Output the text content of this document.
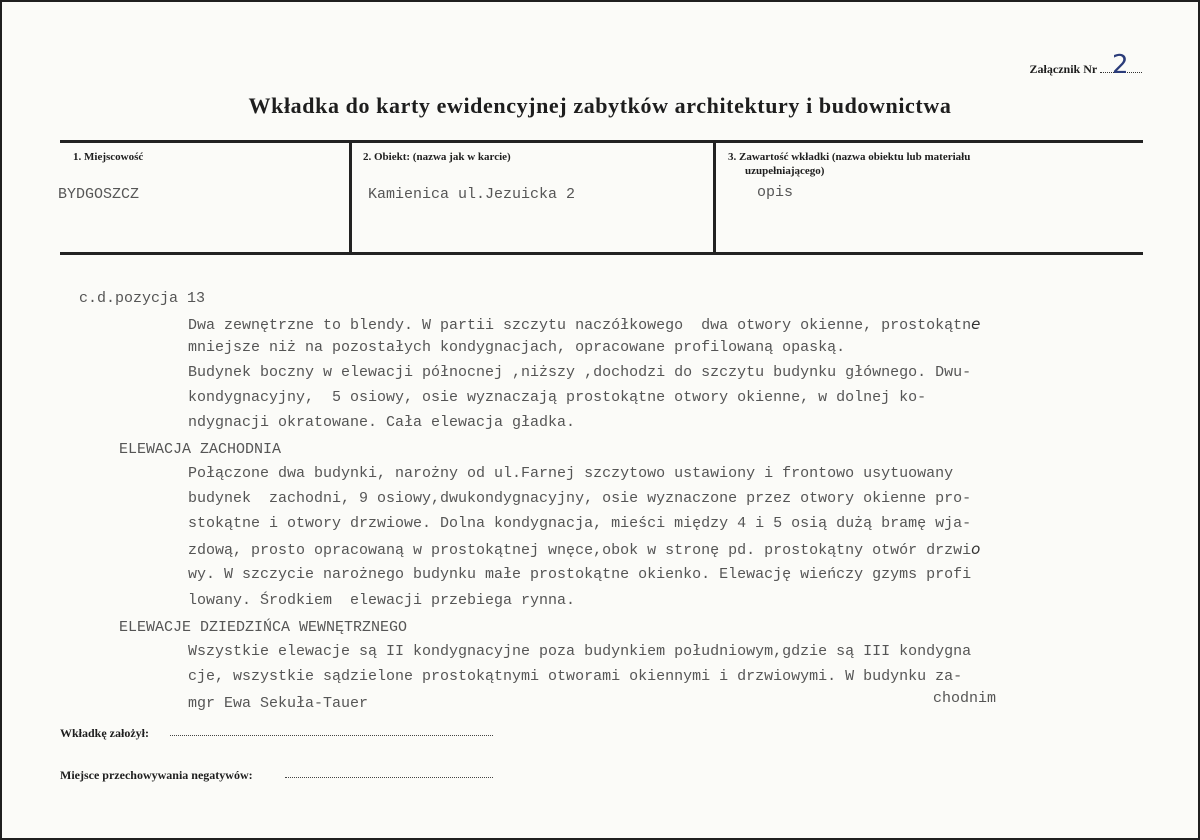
Załącznik Nr 2
Wkładka do karty ewidencyjnej zabytków architektury i budownictwa
1. Miejscowość
BYDGOSZCZ
2. Obiekt: (nazwa jak w karcie)
Kamienica ul.Jezuicka 2
3. Zawartość wkładki (nazwa obiektu lub materiału
uzupełniającego)
opis
c.d.pozycja 13
Dwa zewnętrzne to blendy. W partii szczytu naczółkowego  dwa otwory okienne, prostokątne
mniejsze niż na pozostałych kondygnacjach, opracowane profilowaną opaską.
Budynek boczny w elewacji północnej ,niższy ,dochodzi do szczytu budynku głównego. Dwu-
kondygnacyjny,  5 osiowy, osie wyznaczają prostokątne otwory okienne, w dolnej ko-
ndygnacji okratowane. Cała elewacja gładka.
ELEWACJA ZACHODNIA
Połączone dwa budynki, narożny od ul.Farnej szczytowo ustawiony i frontowo usytuowany
budynek  zachodni, 9 osiowy,dwukondygnacyjny, osie wyznaczone przez otwory okienne pro-
stokątne i otwory drzwiowe. Dolna kondygnacja, mieści między 4 i 5 osią dużą bramę wja-
zdową, prosto opracowaną w prostokątnej wnęce,obok w stronę pd. prostokątny otwór drzwio
wy. W szczycie narożnego budynku małe prostokątne okienko. Elewację wieńczy gzyms profi
lowany. Środkiem  elewacji przebiega rynna.
ELEWACJE DZIEDZIŃCA WEWNĘTRZNEGO
Wszystkie elewacje są II kondygnacyjne poza budynkiem południowym,gdzie są III kondygna
cje, wszystkie sądzielone prostokątnymi otworami okiennymi i drzwiowymi. W budynku za-
mgr Ewa Sekuła-Tauer	chodnim
Wkładkę założył:
Miejsce przechowywania negatywów:
